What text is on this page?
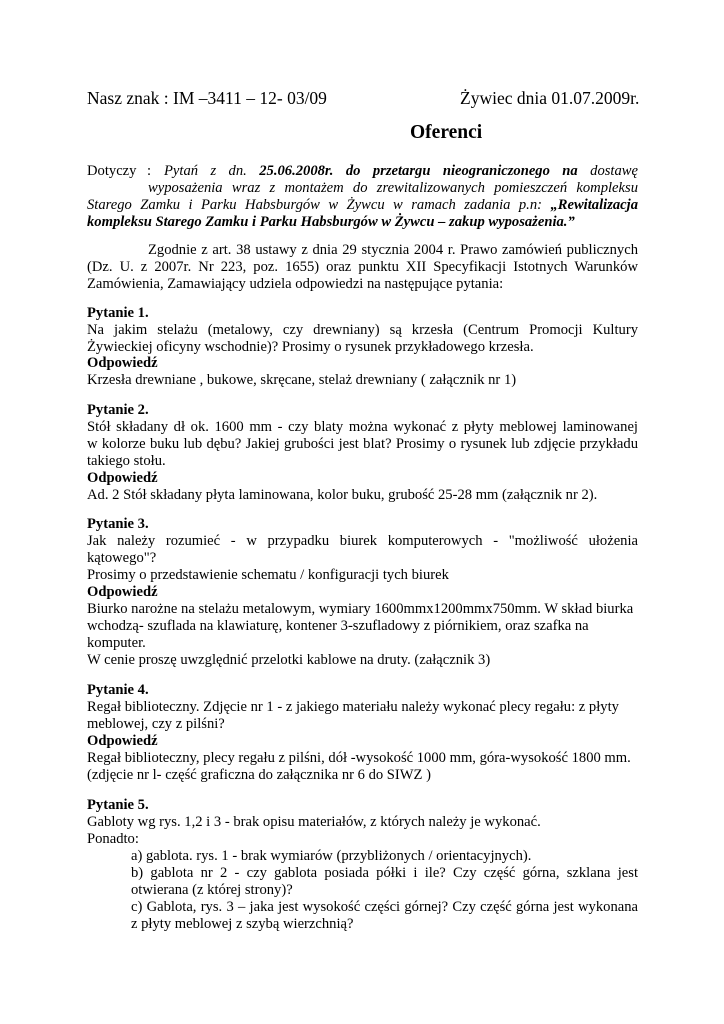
Nasz znak : IM –3411 – 12- 03/09	Żywiec dnia 01.07.2009r.
Oferenci
Dotyczy : Pytań z dn. 25.06.2008r. do przetargu nieograniczonego na dostawę
wyposażenia wraz z montażem do zrewitalizowanych pomieszczeń kompleksu
Starego Zamku i Parku Habsburgów w Żywcu w ramach zadania p.n: „Rewitalizacja
kompleksu Starego Zamku i Parku Habsburgów w Żywcu – zakup wyposażenia.”
Zgodnie z art. 38 ustawy z dnia 29 stycznia 2004 r. Prawo zamówień publicznych
(Dz. U. z 2007r. Nr 223, poz. 1655) oraz punktu XII Specyfikacji Istotnych Warunków
Zamówienia, Zamawiający udziela odpowiedzi na następujące pytania:
Pytanie 1.
Na jakim stelażu (metalowy, czy drewniany) są krzesła (Centrum Promocji Kultury
Żywieckiej oficyny wschodnie)? Prosimy o rysunek przykładowego krzesła.
Odpowiedź
Krzesła drewniane , bukowe, skręcane, stelaż drewniany ( załącznik nr 1)
Pytanie 2.
Stół składany dł ok. 1600 mm - czy blaty można wykonać z płyty meblowej laminowanej
w kolorze buku lub dębu? Jakiej grubości jest blat? Prosimy o rysunek lub zdjęcie przykładu
takiego stołu.
Odpowiedź
Ad. 2 Stół składany płyta laminowana, kolor buku, grubość 25-28 mm (załącznik nr 2).
Pytanie 3.
Jak należy rozumieć - w przypadku biurek komputerowych - "możliwość ułożenia
kątowego"?
Prosimy o przedstawienie schematu / konfiguracji tych biurek
Odpowiedź
Biurko narożne na stelażu metalowym, wymiary 1600mmx1200mmx750mm. W skład biurka
wchodzą- szuflada na klawiaturę, kontener 3-szufladowy z piórnikiem, oraz szafka na
komputer.
W cenie proszę uwzględnić przelotki kablowe na druty. (załącznik 3)
Pytanie 4.
Regał biblioteczny. Zdjęcie nr 1 - z jakiego materiału należy wykonać plecy regału: z płyty
meblowej, czy z pilśni?
Odpowiedź
Regał biblioteczny, plecy regału z pilśni, dół -wysokość 1000 mm, góra-wysokość 1800 mm.
(zdjęcie nr l- część graficzna do załącznika nr 6 do SIWZ )
Pytanie 5.
Gabloty wg rys. 1,2 i 3 - brak opisu materiałów, z których należy je wykonać.
Ponadto:
a) gablota. rys. 1 - brak wymiarów (przybliżonych / orientacyjnych).
b) gablota nr 2 - czy gablota posiada półki i ile? Czy część górna, szklana jest
otwierana (z której strony)?
c) Gablota, rys. 3 – jaka jest wysokość części górnej? Czy część górna jest wykonana
z płyty meblowej z szybą wierzchnią?
